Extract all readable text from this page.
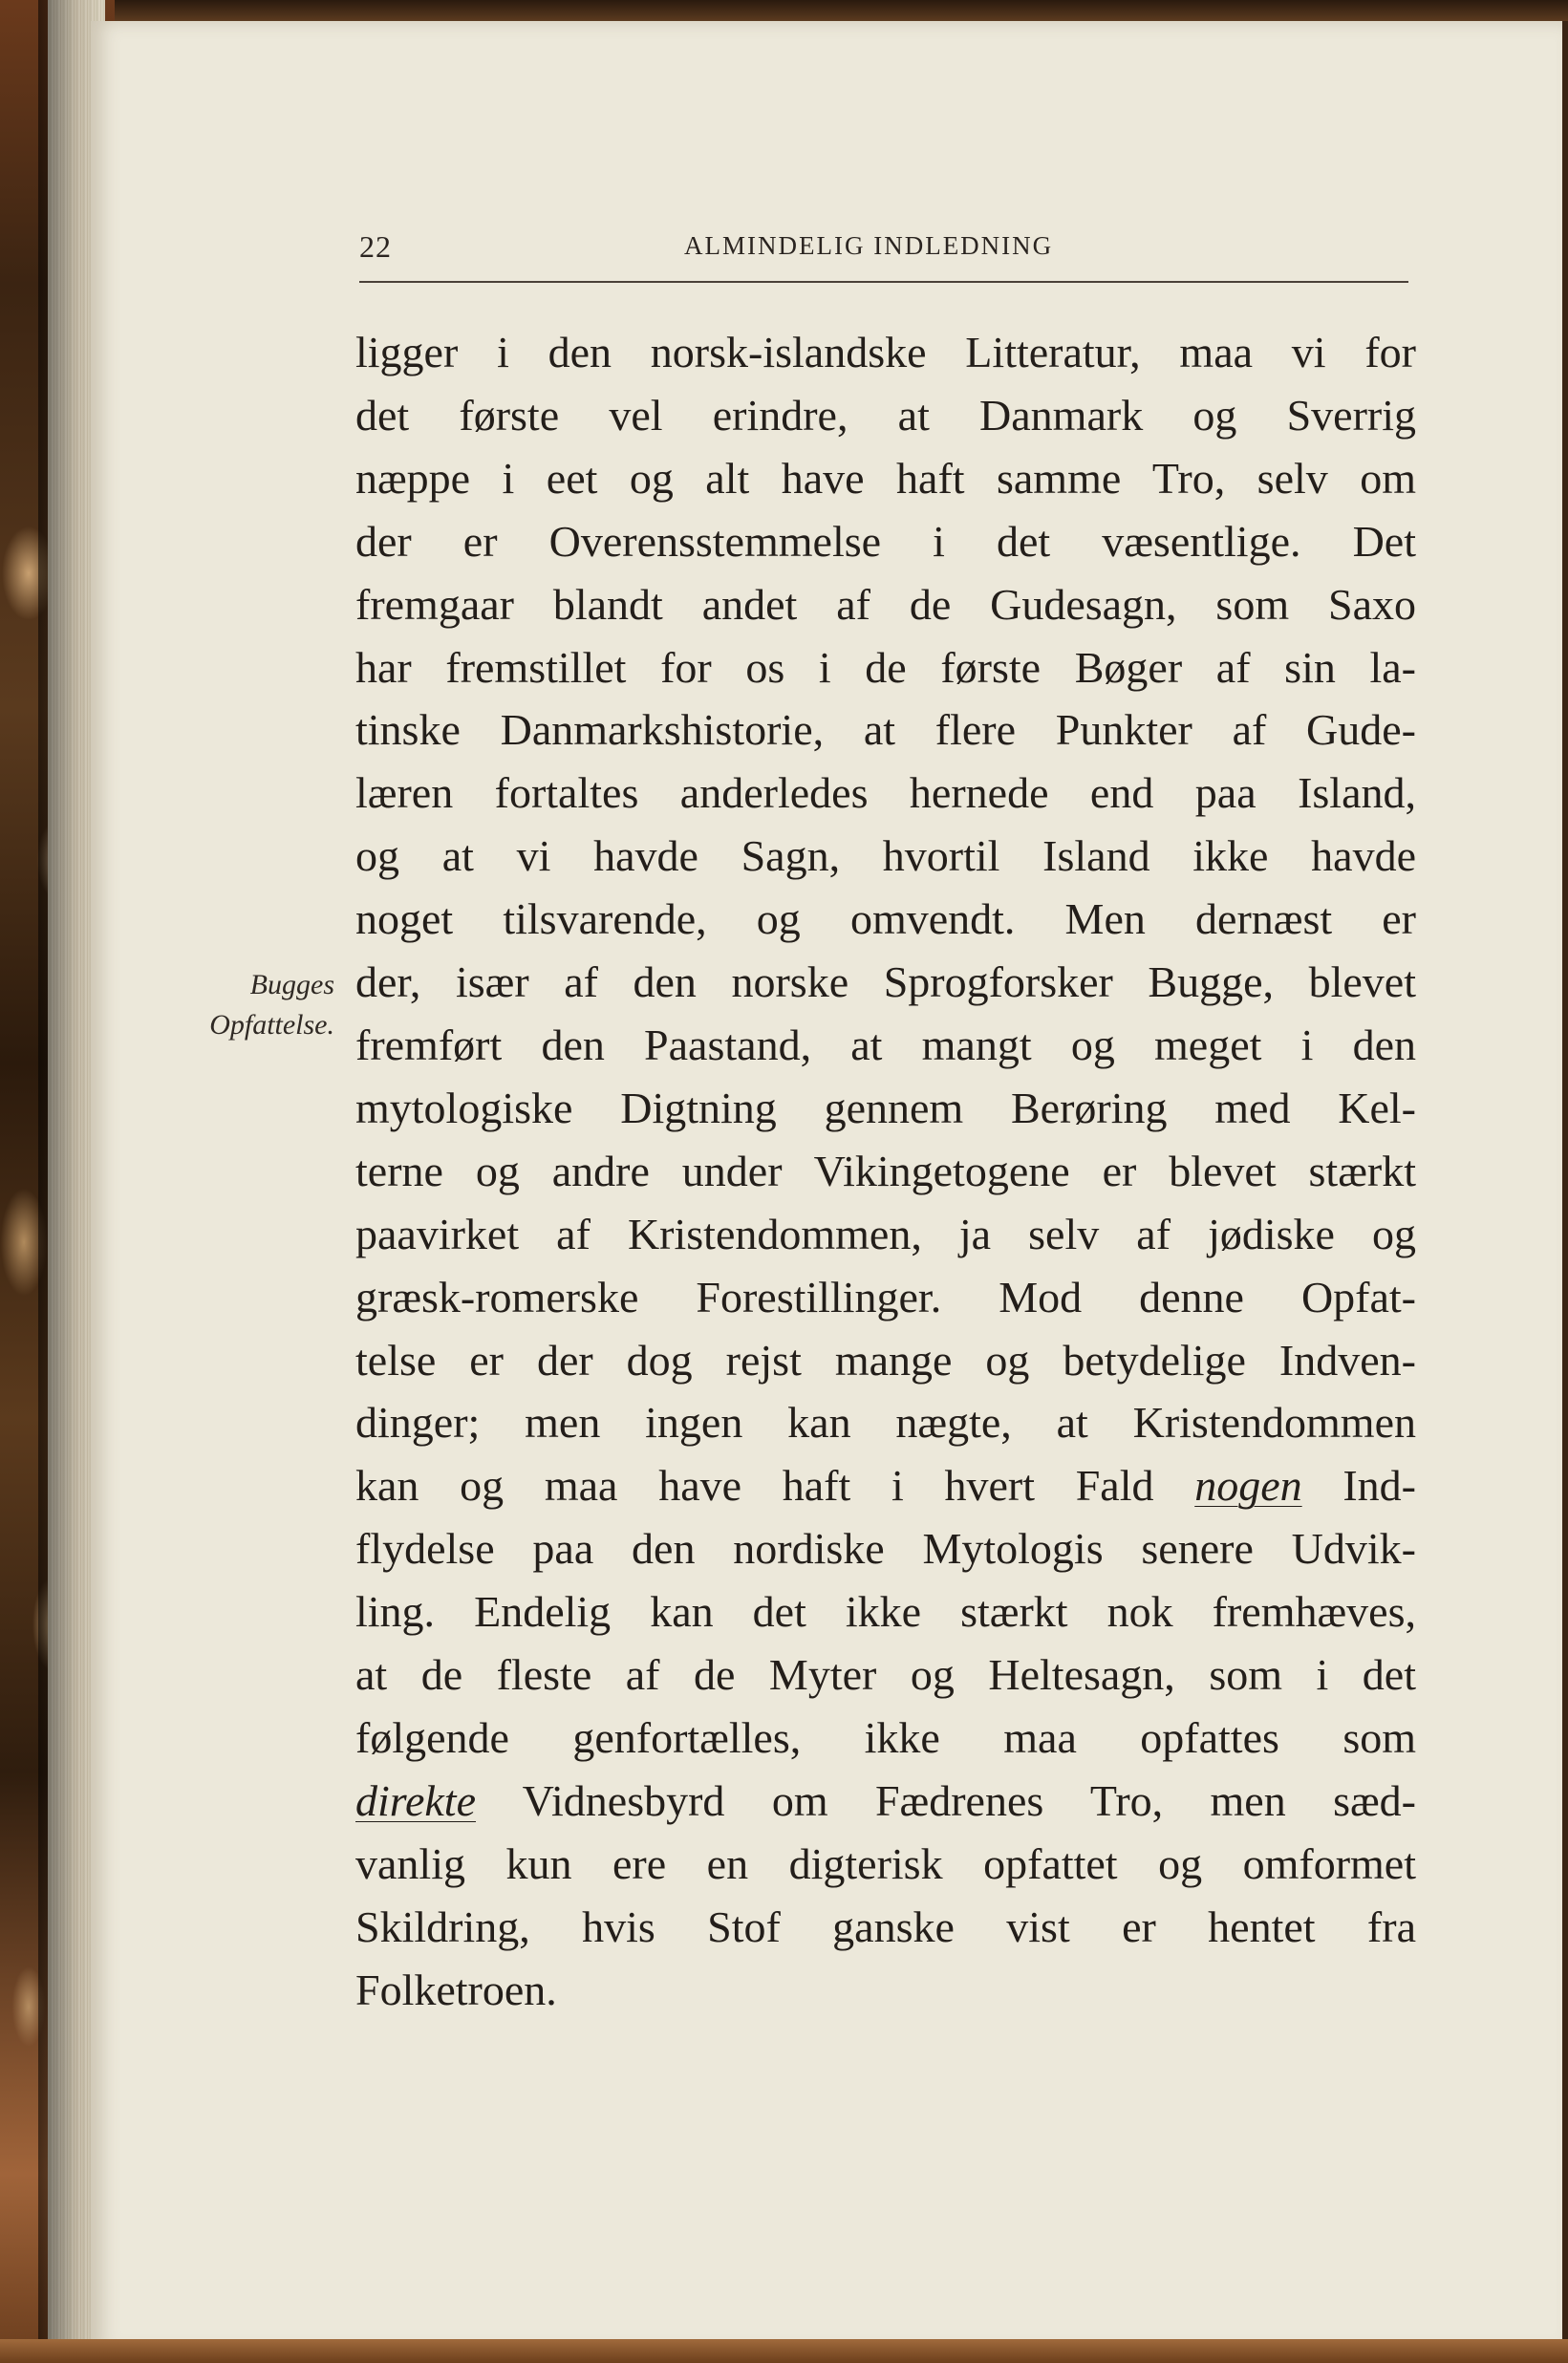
22	ALMINDELIG INDLEDNING
Bugges
Opfattelse.
ligger i den norsk-islandske Litteratur, maa vi for
det første vel erindre, at Danmark og Sverrig
næppe i eet og alt have haft samme Tro, selv om
der er Overensstemmelse i det væsentlige. Det
fremgaar blandt andet af de Gudesagn, som Saxo
har fremstillet for os i de første Bøger af sin la-
tinske Danmarkshistorie, at flere Punkter af Gude-
læren fortaltes anderledes hernede end paa Island,
og at vi havde Sagn, hvortil Island ikke havde
noget tilsvarende, og omvendt. Men dernæst er
der, især af den norske Sprogforsker Bugge, blevet
fremført den Paastand, at mangt og meget i den
mytologiske Digtning gennem Berøring med Kel-
terne og andre under Vikingetogene er blevet stærkt
paavirket af Kristendommen, ja selv af jødiske og
græsk-romerske Forestillinger. Mod denne Opfat-
telse er der dog rejst mange og betydelige Indven-
dinger; men ingen kan nægte, at Kristendommen
kan og maa have haft i hvert Fald nogen Ind-
flydelse paa den nordiske Mytologis senere Udvik-
ling. Endelig kan det ikke stærkt nok fremhæves,
at de fleste af de Myter og Heltesagn, som i det
følgende genfortælles, ikke maa opfattes som
direkte Vidnesbyrd om Fædrenes Tro, men sæd-
vanlig kun ere en digterisk opfattet og omformet
Skildring, hvis Stof ganske vist er hentet fra
Folketroen.
